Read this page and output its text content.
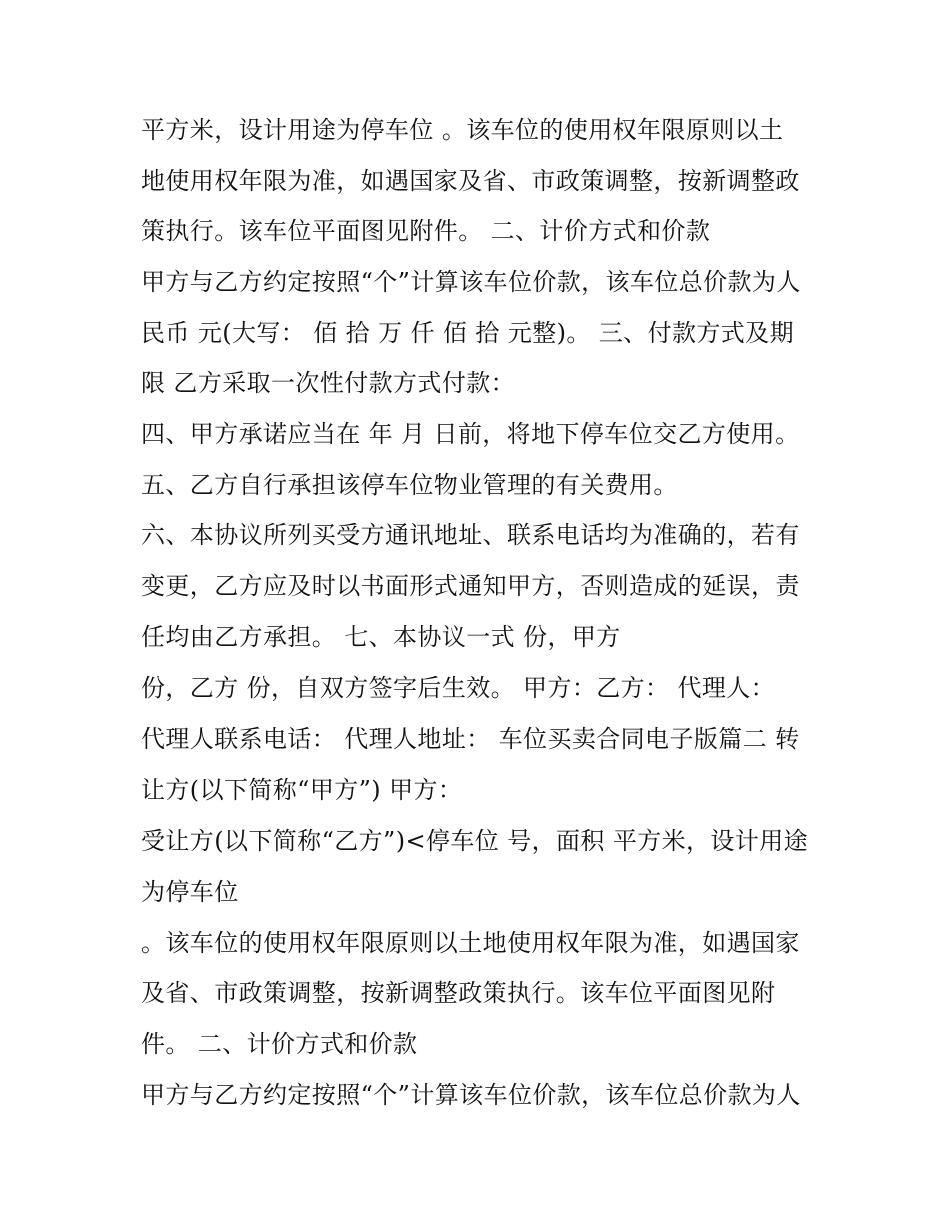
平方米，设计用途为停车位 。该车位的使用权年限原则以土
地使用权年限为准，如遇国家及省、市政策调整，按新调整政
策执行。该车位平面图见附件。 二、计价方式和价款
甲方与乙方约定按照“个”计算该车位价款，该车位总价款为人
民币 元(大写： 佰 拾 万 仟 佰 拾 元整)。 三、付款方式及期
限 乙方采取一次性付款方式付款：
四、甲方承诺应当在 年 月 日前，将地下停车位交乙方使用。
五、乙方自行承担该停车位物业管理的有关费用。
六、本协议所列买受方通讯地址、联系电话均为准确的，若有
变更，乙方应及时以书面形式通知甲方，否则造成的延误，责
任均由乙方承担。 七、本协议一式 份，甲方
份，乙方 份，自双方签字后生效。 甲方：乙方： 代理人：
代理人联系电话： 代理人地址： 车位买卖合同电子版篇二 转
让方(以下简称“甲方”) 甲方：
受让方(以下简称“乙方”)<停车位 号，面积 平方米，设计用途
为停车位
。该车位的使用权年限原则以土地使用权年限为准，如遇国家
及省、市政策调整，按新调整政策执行。该车位平面图见附
件。 二、计价方式和价款
甲方与乙方约定按照“个”计算该车位价款，该车位总价款为人
